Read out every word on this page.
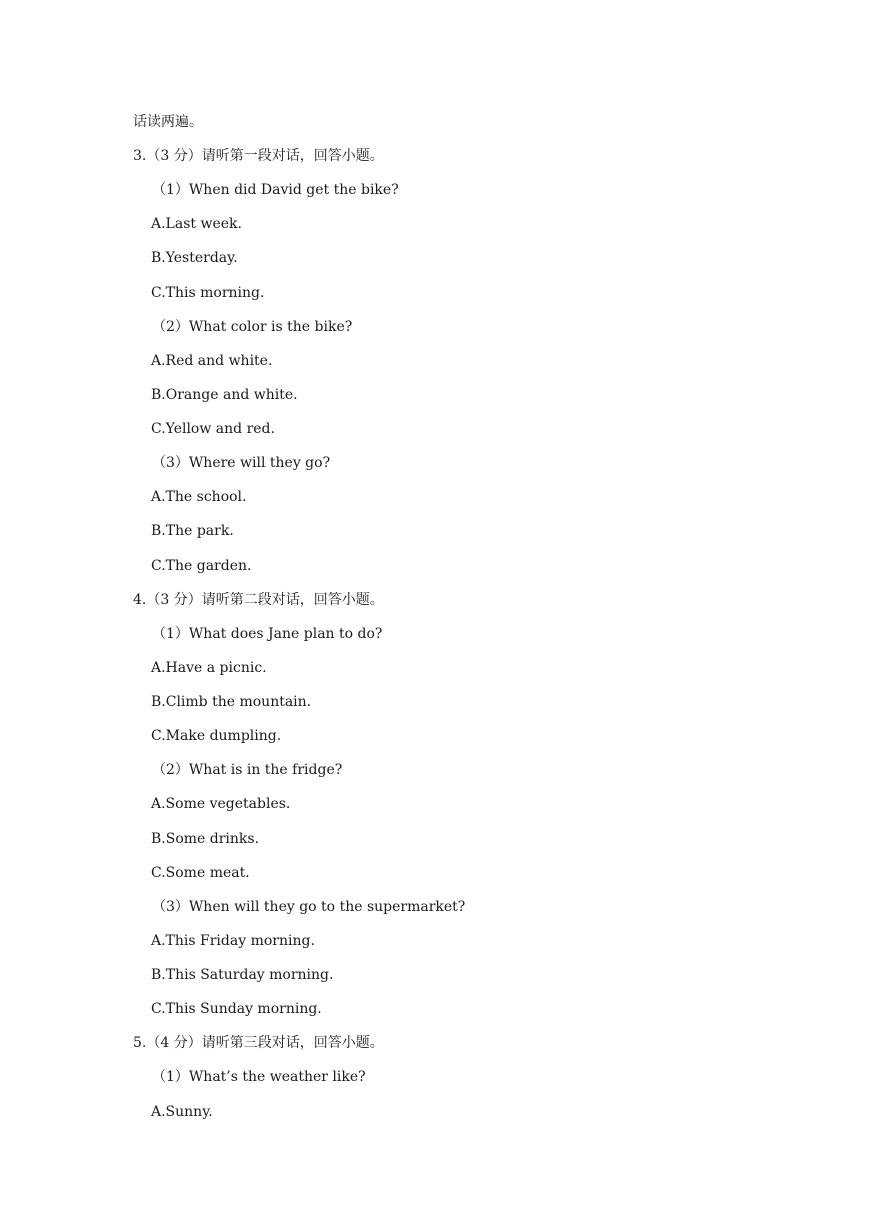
话读两遍。
3.（3 分）请听第一段对话，回答小题。
（1）When did David get the bike?
A.Last week.
B.Yesterday.
C.This morning.
（2）What color is the bike?
A.Red and white.
B.Orange and white.
C.Yellow and red.
（3）Where will they go?
A.The school.
B.The park.
C.The garden.
4.（3 分）请听第二段对话，回答小题。
（1）What does Jane plan to do?
A.Have a picnic.
B.Climb the mountain.
C.Make dumpling.
（2）What is in the fridge?
A.Some vegetables.
B.Some drinks.
C.Some meat.
（3）When will they go to the supermarket?
A.This Friday morning.
B.This Saturday morning.
C.This Sunday morning.
5.（4 分）请听第三段对话，回答小题。
（1）What’s the weather like?
A.Sunny.
